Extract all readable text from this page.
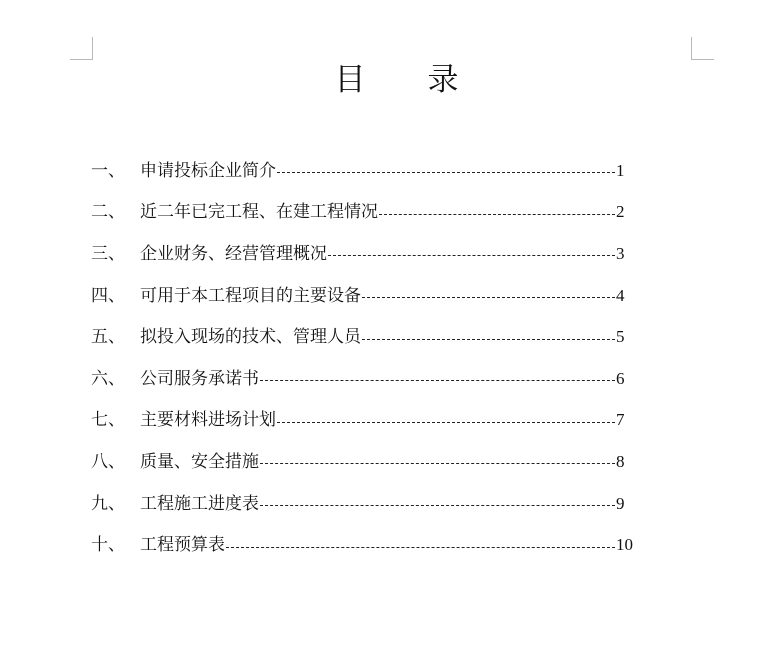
目 录
一、 申请投标企业简介	1
二、 近二年已完工程、在建工程情况	2
三、 企业财务、经营管理概况	3
四、 可用于本工程项目的主要设备	4
五、 拟投入现场的技术、管理人员	5
六、 公司服务承诺书	6
七、 主要材料进场计划	7
八、 质量、安全措施	8
九、 工程施工进度表	9
十、 工程预算表	10
